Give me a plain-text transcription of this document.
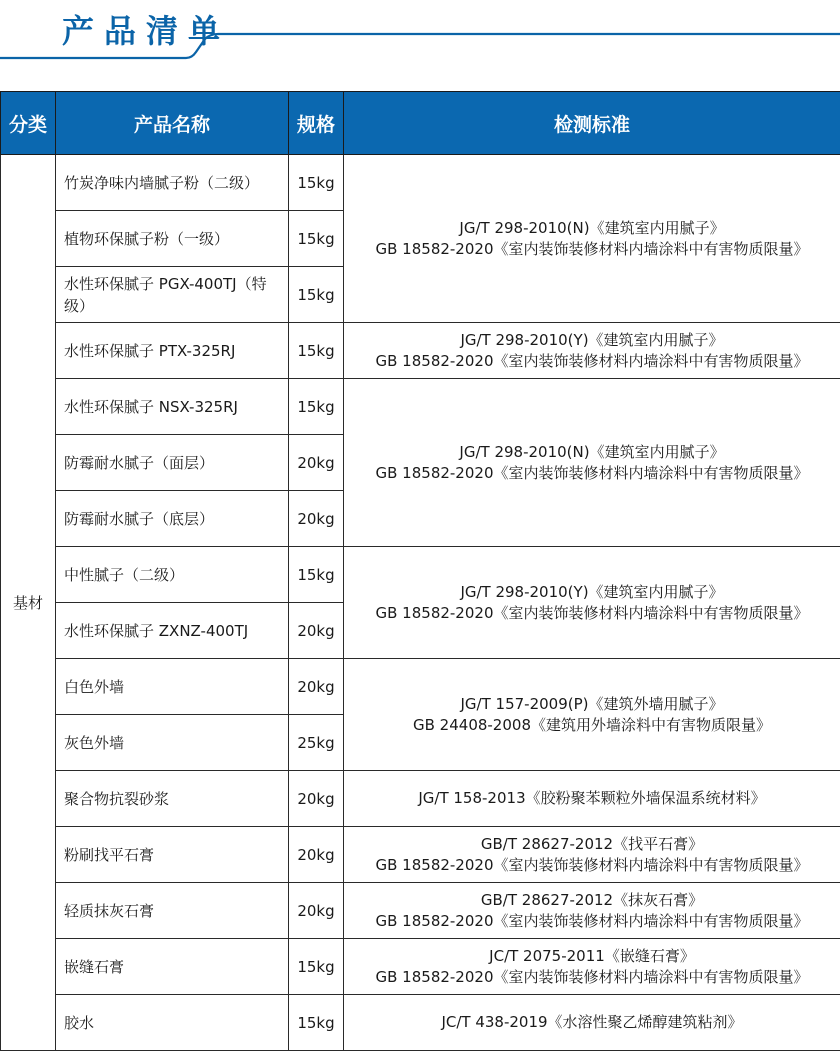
产品清单
分类	产品名称	规格	检测标准
基材	竹炭净味内墙腻子粉（二级）	15kg	JG/T 298-2010(N)《建筑室内用腻子》
GB 18582-2020《室内装饰装修材料内墙涂料中有害物质限量》

	植物环保腻子粉（一级）	15kg	
	水性环保腻子 PGX-400TJ（特级）	15kg	
	水性环保腻子 PTX-325RJ	15kg	JG/T 298-2010(Y)《建筑室内用腻子》
GB 18582-2020《室内装饰装修材料内墙涂料中有害物质限量》

	水性环保腻子 NSX-325RJ	15kg	JG/T 298-2010(N)《建筑室内用腻子》
GB 18582-2020《室内装饰装修材料内墙涂料中有害物质限量》

	防霉耐水腻子（面层）	20kg	
	防霉耐水腻子（底层）	20kg	
	中性腻子（二级）	15kg	JG/T 298-2010(Y)《建筑室内用腻子》
GB 18582-2020《室内装饰装修材料内墙涂料中有害物质限量》

	水性环保腻子 ZXNZ-400TJ	20kg	
	白色外墙	20kg	JG/T 157-2009(P)《建筑外墙用腻子》
GB 24408-2008《建筑用外墙涂料中有害物质限量》

	灰色外墙	25kg	
	聚合物抗裂砂浆	20kg	JG/T 158-2013《胶粉聚苯颗粒外墙保温系统材料》

	粉刷找平石膏	20kg	GB/T 28627-2012《找平石膏》
GB 18582-2020《室内装饰装修材料内墙涂料中有害物质限量》

	轻质抹灰石膏	20kg	GB/T 28627-2012《抹灰石膏》
GB 18582-2020《室内装饰装修材料内墙涂料中有害物质限量》

	嵌缝石膏	15kg	JC/T 2075-2011《嵌缝石膏》
GB 18582-2020《室内装饰装修材料内墙涂料中有害物质限量》

	胶水	15kg	JC/T 438-2019《水溶性聚乙烯醇建筑粘剂》
